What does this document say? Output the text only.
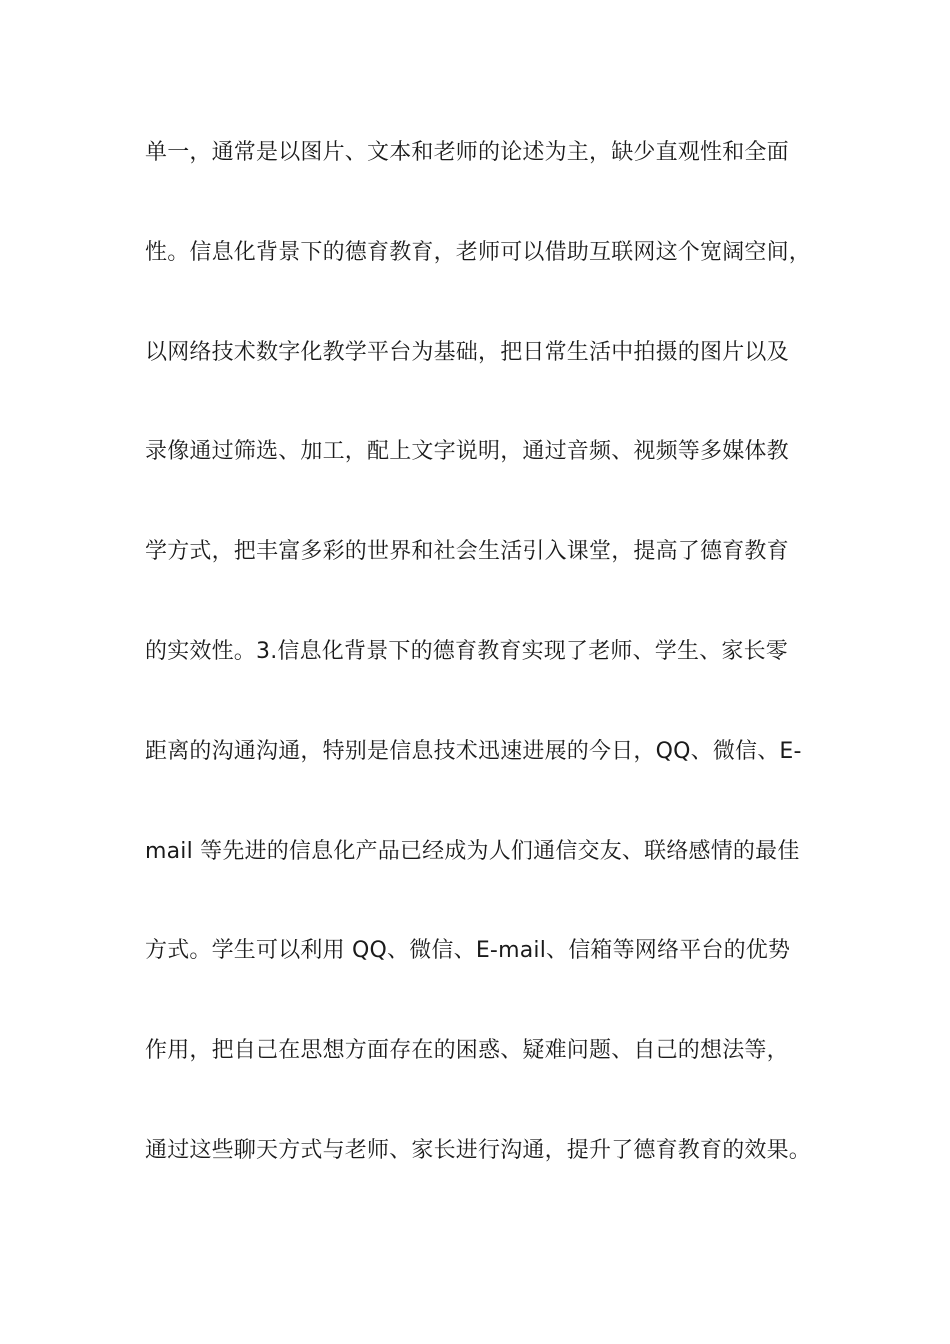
单一，通常是以图片、文本和老师的论述为主，缺少直观性和全面
性。信息化背景下的德育教育，老师可以借助互联网这个宽阔空间，
以网络技术数字化教学平台为基础，把日常生活中拍摄的图片以及
录像通过筛选、加工，配上文字说明，通过音频、视频等多媒体教
学方式，把丰富多彩的世界和社会生活引入课堂，提高了德育教育
的实效性。3.信息化背景下的德育教育实现了老师、学生、家长零
距离的沟通沟通，特别是信息技术迅速进展的今日，QQ、微信、E-
mail 等先进的信息化产品已经成为人们通信交友、联络感情的最佳
方式。学生可以利用 QQ、微信、E-mail、信箱等网络平台的优势
作用，把自己在思想方面存在的困惑、疑难问题、自己的想法等，
通过这些聊天方式与老师、家长进行沟通，提升了德育教育的效果。
